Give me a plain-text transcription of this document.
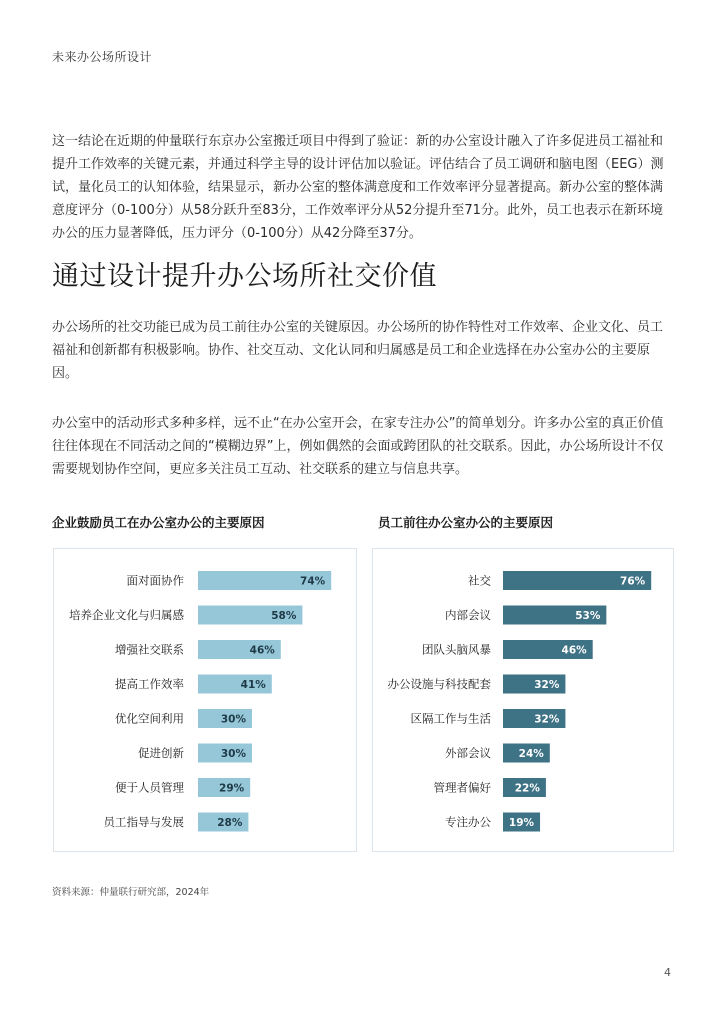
未来办公场所设计
这一结论在近期的仲量联行东京办公室搬迁项目中得到了验证：新的办公室设计融入了许多促进员工福祉和提升工作效率的关键元素，并通过科学主导的设计评估加以验证。评估结合了员工调研和脑电图（EEG）测试，量化员工的认知体验，结果显示，新办公室的整体满意度和工作效率评分显著提高。新办公室的整体满意度评分（0-100分）从58分跃升至83分，工作效率评分从52分提升至71分。此外，员工也表示在新环境办公的压力显著降低，压力评分（0-100分）从42分降至37分。
通过设计提升办公场所社交价值
办公场所的社交功能已成为员工前往办公室的关键原因。办公场所的协作特性对工作效率、企业文化、员工福祉和创新都有积极影响。协作、社交互动、文化认同和归属感是员工和企业选择在办公室办公的主要原因。
办公室中的活动形式多种多样，远不止“在办公室开会，在家专注办公”的简单划分。许多办公室的真正价值往往体现在不同活动之间的“模糊边界”上，例如偶然的会面或跨团队的社交联系。因此，办公场所设计不仅需要规划协作空间，更应多关注员工互动、社交联系的建立与信息共享。
企业鼓励员工在办公室办公的主要原因	员工前往办公室办公的主要原因
面对面协作	74%
培养企业文化与归属感	58%
增强社交联系	46%
提高工作效率	41%
优化空间利用	30%
促进创新	30%
便于人员管理	29%
员工指导与发展	28%
社交	76%
内部会议	53%
团队头脑风暴	46%
办公设施与科技配套	32%
区隔工作与生活	32%
外部会议	24%
管理者偏好 22%
专注办公 19%
资料来源：仲量联行研究部，2024年
4
